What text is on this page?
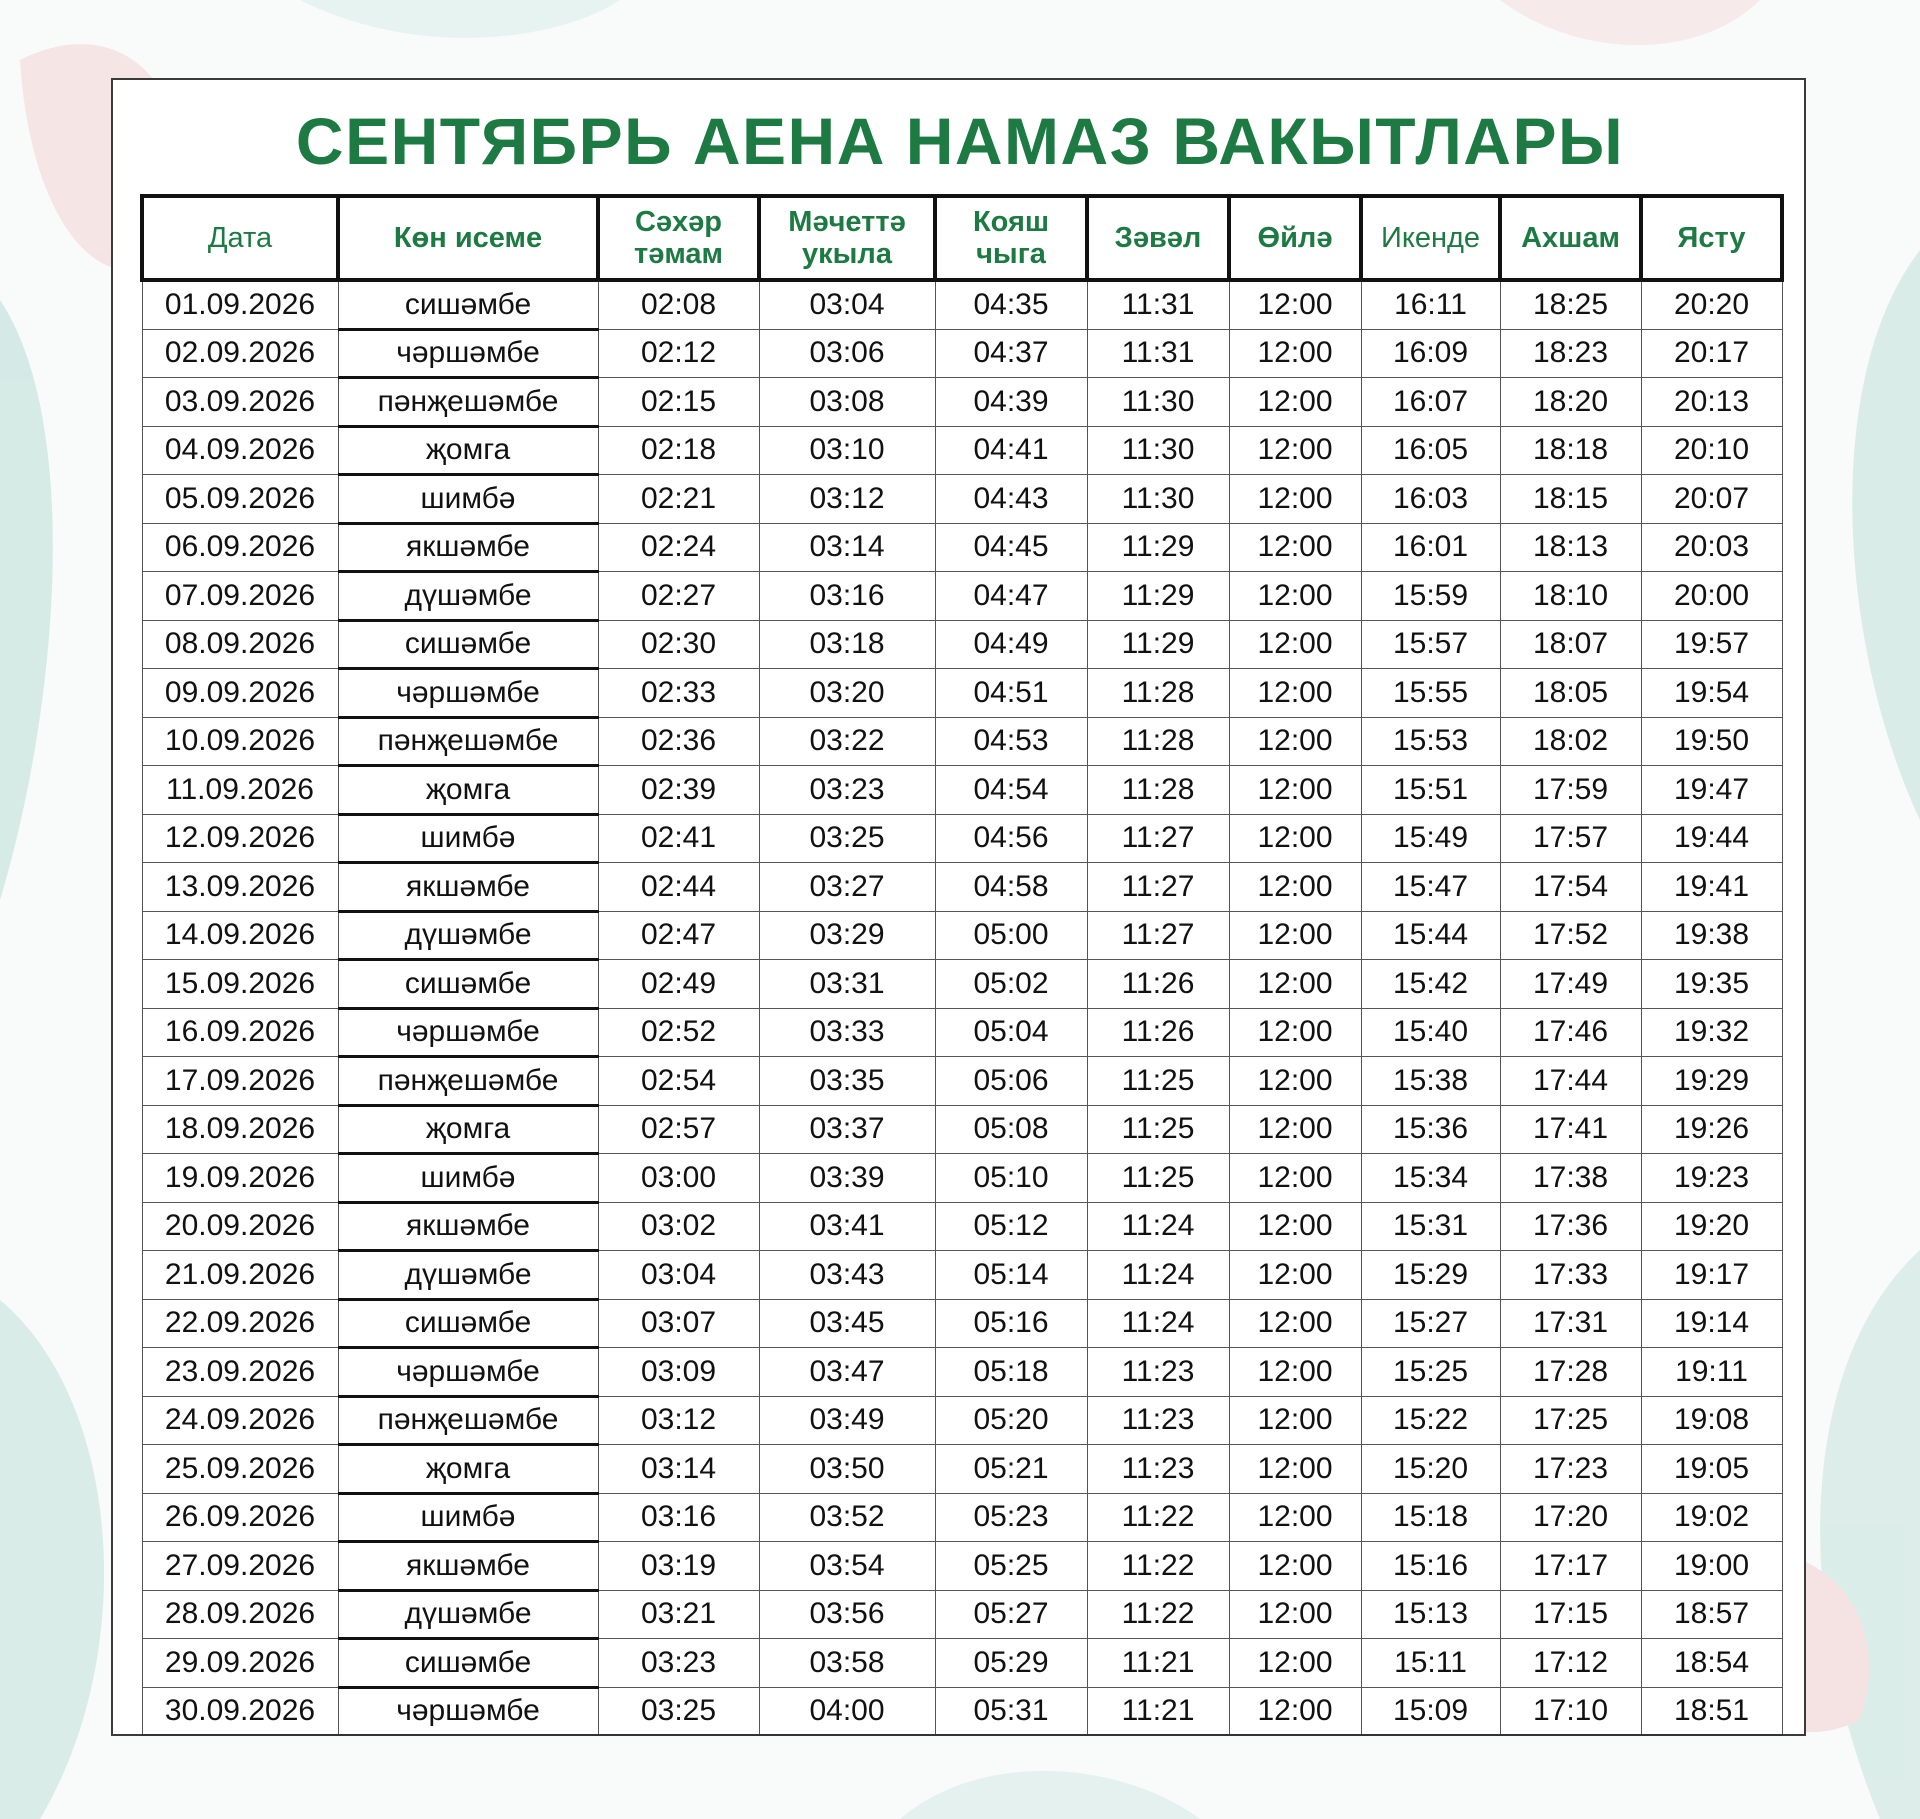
СЕНТЯБРЬ АЕНА НАМАЗ ВАКЫТЛАРЫ
Дата	Көн исеме	Сәхәр тәмам	Мәчеттә укыла	Кояш чыга	Зәвәл	Өйлә	Икенде	Ахшам	Ясту
01.09.2026	сишәмбе	02:08	03:04	04:35	11:31	12:00	16:11	18:25	20:20
02.09.2026	чәршәмбе	02:12	03:06	04:37	11:31	12:00	16:09	18:23	20:17
03.09.2026	пәнҗешәмбе	02:15	03:08	04:39	11:30	12:00	16:07	18:20	20:13
04.09.2026	җомга	02:18	03:10	04:41	11:30	12:00	16:05	18:18	20:10
05.09.2026	шимбә	02:21	03:12	04:43	11:30	12:00	16:03	18:15	20:07
06.09.2026	якшәмбе	02:24	03:14	04:45	11:29	12:00	16:01	18:13	20:03
07.09.2026	дүшәмбе	02:27	03:16	04:47	11:29	12:00	15:59	18:10	20:00
08.09.2026	сишәмбе	02:30	03:18	04:49	11:29	12:00	15:57	18:07	19:57
09.09.2026	чәршәмбе	02:33	03:20	04:51	11:28	12:00	15:55	18:05	19:54
10.09.2026	пәнҗешәмбе	02:36	03:22	04:53	11:28	12:00	15:53	18:02	19:50
11.09.2026	җомга	02:39	03:23	04:54	11:28	12:00	15:51	17:59	19:47
12.09.2026	шимбә	02:41	03:25	04:56	11:27	12:00	15:49	17:57	19:44
13.09.2026	якшәмбе	02:44	03:27	04:58	11:27	12:00	15:47	17:54	19:41
14.09.2026	дүшәмбе	02:47	03:29	05:00	11:27	12:00	15:44	17:52	19:38
15.09.2026	сишәмбе	02:49	03:31	05:02	11:26	12:00	15:42	17:49	19:35
16.09.2026	чәршәмбе	02:52	03:33	05:04	11:26	12:00	15:40	17:46	19:32
17.09.2026	пәнҗешәмбе	02:54	03:35	05:06	11:25	12:00	15:38	17:44	19:29
18.09.2026	җомга	02:57	03:37	05:08	11:25	12:00	15:36	17:41	19:26
19.09.2026	шимбә	03:00	03:39	05:10	11:25	12:00	15:34	17:38	19:23
20.09.2026	якшәмбе	03:02	03:41	05:12	11:24	12:00	15:31	17:36	19:20
21.09.2026	дүшәмбе	03:04	03:43	05:14	11:24	12:00	15:29	17:33	19:17
22.09.2026	сишәмбе	03:07	03:45	05:16	11:24	12:00	15:27	17:31	19:14
23.09.2026	чәршәмбе	03:09	03:47	05:18	11:23	12:00	15:25	17:28	19:11
24.09.2026	пәнҗешәмбе	03:12	03:49	05:20	11:23	12:00	15:22	17:25	19:08
25.09.2026	җомга	03:14	03:50	05:21	11:23	12:00	15:20	17:23	19:05
26.09.2026	шимбә	03:16	03:52	05:23	11:22	12:00	15:18	17:20	19:02
27.09.2026	якшәмбе	03:19	03:54	05:25	11:22	12:00	15:16	17:17	19:00
28.09.2026	дүшәмбе	03:21	03:56	05:27	11:22	12:00	15:13	17:15	18:57
29.09.2026	сишәмбе	03:23	03:58	05:29	11:21	12:00	15:11	17:12	18:54
30.09.2026	чәршәмбе	03:25	04:00	05:31	11:21	12:00	15:09	17:10	18:51
